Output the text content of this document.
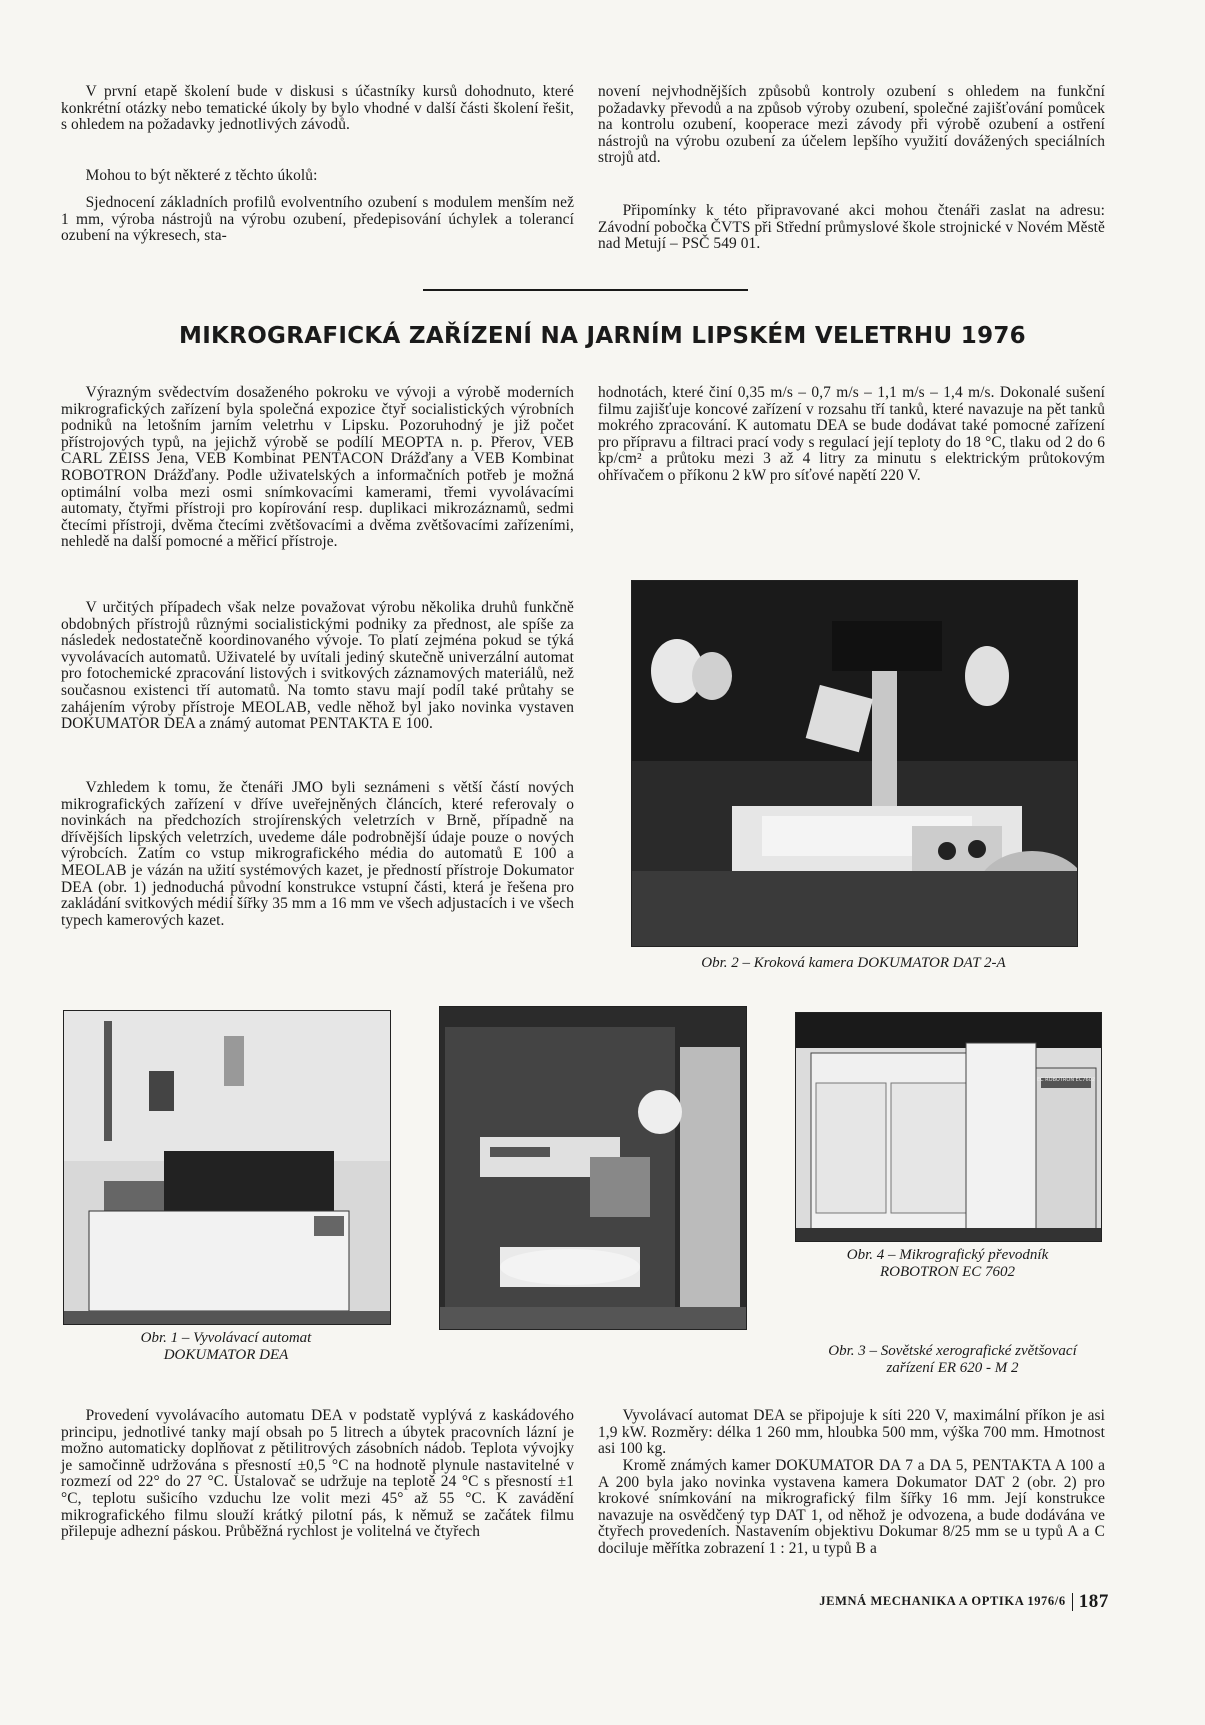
V první etapě školení bude v diskusi s účastníky kursů dohodnuto, které konkrétní otázky nebo tematické úkoly by bylo vhodné v další části školení řešit, s ohledem na požadavky jednotlivých závodů.

Mohou to být některé z těchto úkolů:

Sjednocení základních profilů evolventního ozubení s modulem menším než 1 mm, výroba nástrojů na výrobu ozubení, předepisování úchylek a tolerancí ozubení na výkresech, sta-

novení nejvhodnějších způsobů kontroly ozubení s ohledem na funkční požadavky převodů a na způsob výroby ozubení, společné zajišťování pomůcek na kontrolu ozubení, kooperace mezi závody při výrobě ozubení a ostření nástrojů na výrobu ozubení za účelem lepšího využití dovážených speciálních strojů atd.

Připomínky k této připravované akci mohou čtenáři zaslat na adresu: Závodní pobočka ČVTS při Střední průmyslové škole strojnické v Novém Městě nad Metují – PSČ 549 01.

MIKROGRAFICKÁ ZAŘÍZENÍ NA JARNÍM LIPSKÉM VELETRHU 1976

Výrazným svědectvím dosaženého pokroku ve vývoji a výrobě moderních mikrografických zařízení byla společná expozice čtyř socialistických výrobních podniků na letošním jarním veletrhu v Lipsku. Pozoruhodný je již počet přístrojových typů, na jejichž výrobě se podílí MEOPTA n. p. Přerov, VEB CARL ZEISS Jena, VEB Kombinat PENTACON Drážďany a VEB Kombinat ROBOTRON Drážďany. Podle uživatelských a informačních potřeb je možná optimální volba mezi osmi snímkovacími kamerami, třemi vyvolávacími automaty, čtyřmi přístroji pro kopírování resp. duplikaci mikrozáznamů, sedmi čtecími přístroji, dvěma čtecími zvětšovacími a dvěma zvětšovacími zařízeními, nehledě na další pomocné a měřicí přístroje.

V určitých případech však nelze považovat výrobu několika druhů funkčně obdobných přístrojů různými socialistickými podniky za přednost, ale spíše za následek nedostatečně koordinovaného vývoje. To platí zejména pokud se týká vyvolávacích automatů. Uživatelé by uvítali jediný skutečně univerzální automat pro fotochemické zpracování listových i svitkových záznamových materiálů, než současnou existenci tří automatů. Na tomto stavu mají podíl také průtahy se zahájením výroby přístroje MEOLAB, vedle něhož byl jako novinka vystaven DOKUMATOR DEA a známý automat PENTAKTA E 100.

Vzhledem k tomu, že čtenáři JMO byli seznámeni s větší částí nových mikrografických zařízení v dříve uveřejněných článcích, které referovaly o novinkách na předchozích strojírenských veletrzích v Brně, případně na dřívějších lipských veletrzích, uvedeme dále podrobnější údaje pouze o nových výrobcích. Zatím co vstup mikrografického média do automatů E 100 a MEOLAB je vázán na užití systémových kazet, je předností přístroje Dokumator DEA (obr. 1) jednoduchá původní konstrukce vstupní části, která je řešena pro zakládání svitkových médií šířky 35 mm a 16 mm ve všech adjustacích i ve všech typech kamerových kazet.

hodnotách, které činí 0,35 m/s – 0,7 m/s – 1,1 m/s – 1,4 m/s. Dokonalé sušení filmu zajišťuje koncové zařízení v rozsahu tří tanků, které navazuje na pět tanků mokrého zpracování. K automatu DEA se bude dodávat také pomocné zařízení pro přípravu a filtraci prací vody s regulací její teploty do 18 °C, tlaku od 2 do 6 kp/cm² a průtoku mezi 3 až 4 litry za minutu s elektrickým průtokovým ohřívačem o příkonu 2 kW pro síťové napětí 220 V.

Obr. 2 – Kroková kamera DOKUMATOR DAT 2-A

Obr. 1 – Vyvolávací automat

DOKUMATOR DEA	Obr. 3 – Sovětské xerografické zvětšovací

zařízení ER 620 - M 2

EC ROBOTRON EC7602

Obr. 4 – Mikrografický převodník

ROBOTRON EC 7602

Provedení vyvolávacího automatu DEA v podstatě vyplývá z kaskádového principu, jednotlivé tanky mají obsah po 5 litrech a úbytek pracovních lázní je možno automaticky doplňovat z pětilitrových zásobních nádob. Teplota vývojky je samočinně udržována s přesností ±0,5 °C na hodnotě plynule nastavitelné v rozmezí od 22° do 27 °C. Ustalovač se udržuje na teplotě 24 °C s přesností ±1 °C, teplotu sušicího vzduchu lze volit mezi 45° až 55 °C. K zavádění mikrografického filmu slouží krátký pilotní pás, k němuž se začátek filmu přilepuje adhezní páskou. Průběžná rychlost je volitelná ve čtyřech

Vyvolávací automat DEA se připojuje k síti 220 V, maximální příkon je asi 1,9 kW. Rozměry: délka 1 260 mm, hloubka 500 mm, výška 700 mm. Hmotnost asi 100 kg.

Kromě známých kamer DOKUMATOR DA 7 a DA 5, PENTAKTA A 100 a A 200 byla jako novinka vystavena kamera Dokumator DAT 2 (obr. 2) pro krokové snímkování na mikrografický film šířky 16 mm. Její konstrukce navazuje na osvědčený typ DAT 1, od něhož je odvozena, a bude dodávána ve čtyřech provedeních. Nastavením objektivu Dokumar 8/25 mm se u typů A a C dociluje měřítka zobrazení 1 : 21, u typů B a

JEMNÁ MECHANIKA A OPTIKA 1976/6 187
